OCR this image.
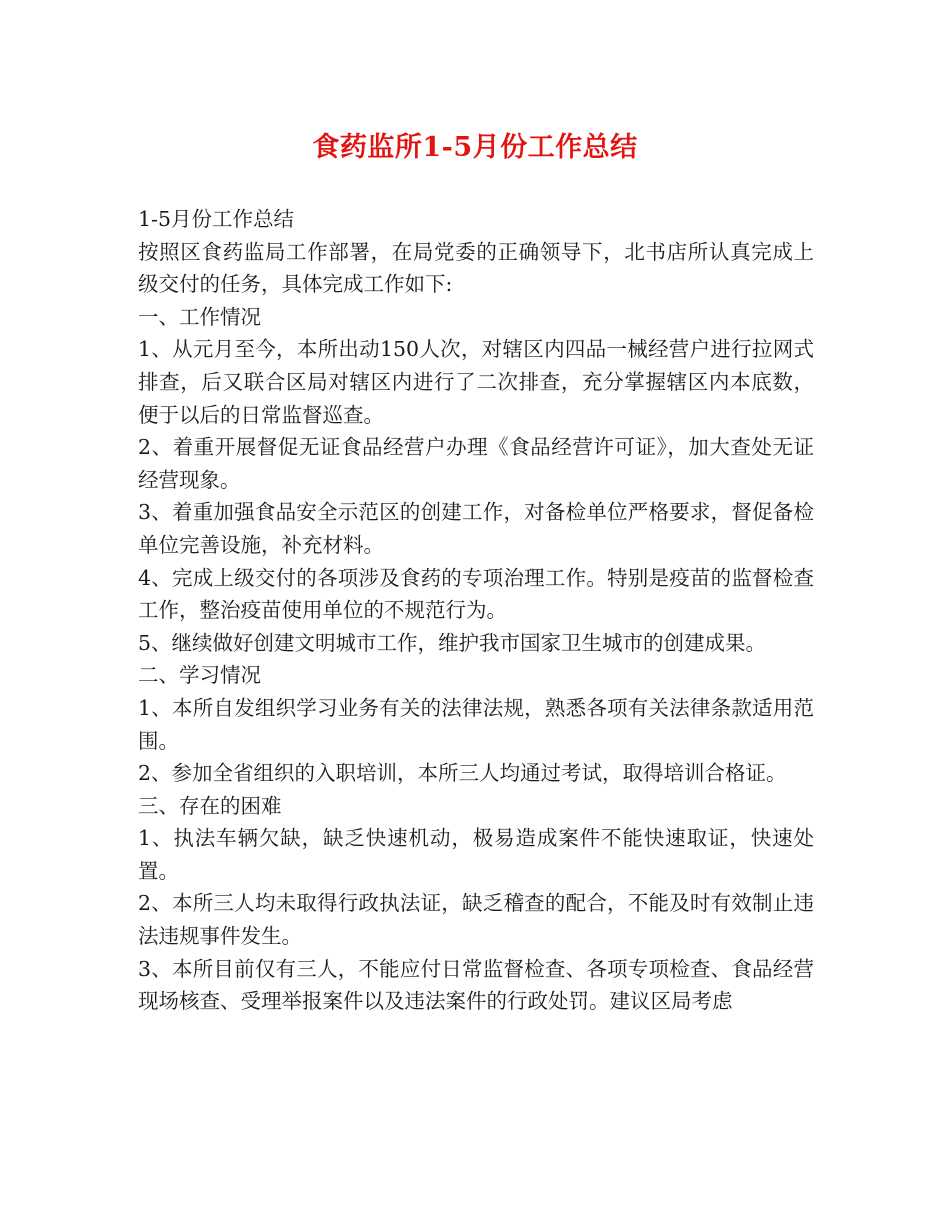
食药监所1-5月份工作总结

1-5月份工作总结

按照区食药监局工作部署，在局党委的正确领导下，北书店所认真完成上级交付的任务，具体完成工作如下:

一、工作情况

1、从元月至今，本所出动150人次，对辖区内四品一械经营户进行拉网式排查，后又联合区局对辖区内进行了二次排查，充分掌握辖区内本底数，便于以后的日常监督巡查。

2、着重开展督促无证食品经营户办理《食品经营许可证》，加大查处无证经营现象。

3、着重加强食品安全示范区的创建工作，对备检单位严格要求，督促备检单位完善设施，补充材料。

4、完成上级交付的各项涉及食药的专项治理工作。特别是疫苗的监督检查工作，整治疫苗使用单位的不规范行为。

5、继续做好创建文明城市工作，维护我市国家卫生城市的创建成果。

二、学习情况

1、本所自发组织学习业务有关的法律法规，熟悉各项有关法律条款适用范围。

2、参加全省组织的入职培训，本所三人均通过考试，取得培训合格证。

三、存在的困难

1、执法车辆欠缺，缺乏快速机动，极易造成案件不能快速取证，快速处置。

2、本所三人均未取得行政执法证，缺乏稽查的配合，不能及时有效制止违法违规事件发生。

3、本所目前仅有三人，不能应付日常监督检查、各项专项检查、食品经营现场核查、受理举报案件以及违法案件的行政处罚。建议区局考虑
